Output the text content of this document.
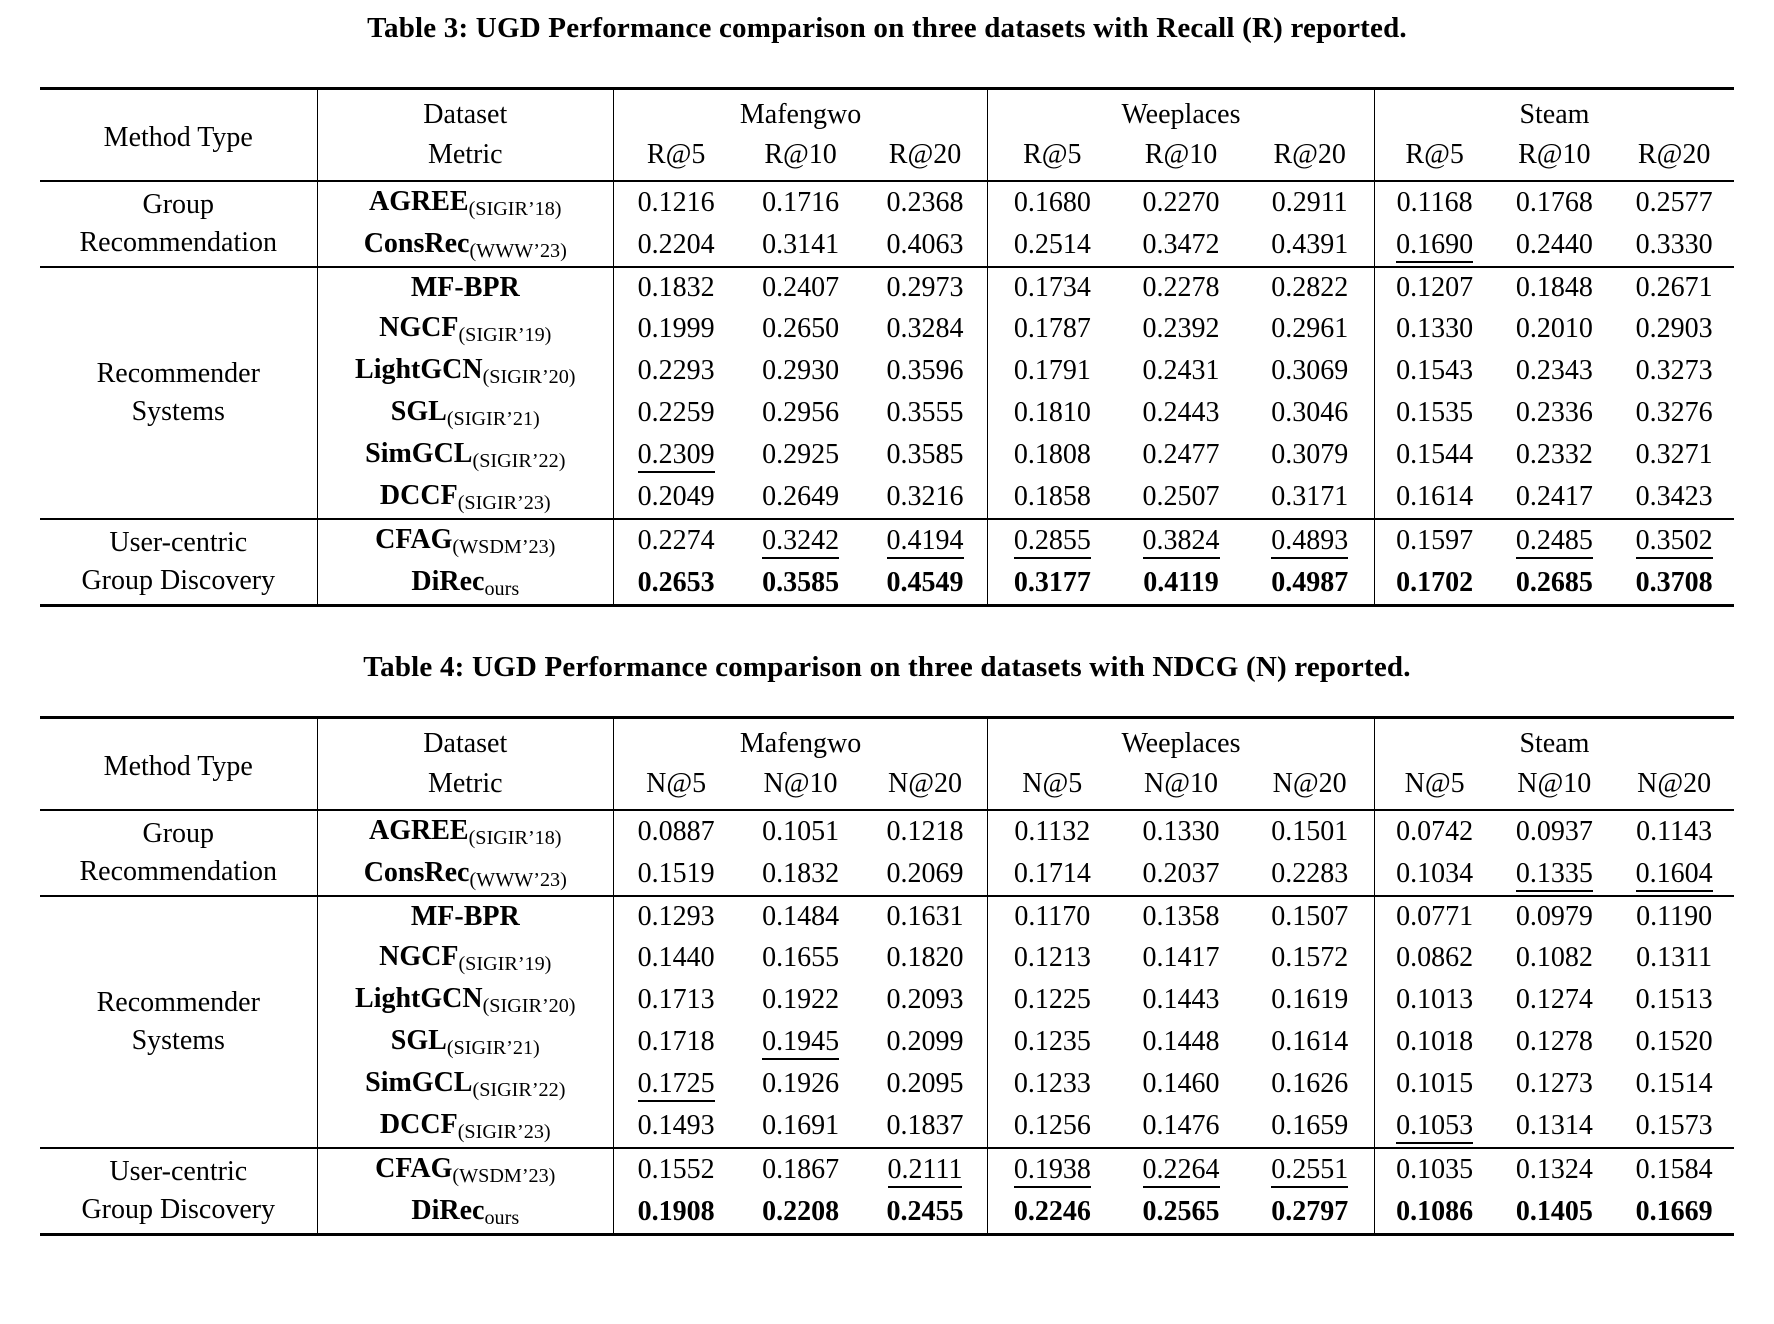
Table 3: UGD Performance comparison on three datasets with Recall (R) reported.
Method Type	Dataset	Mafengwo			Weeplaces			Steam		
	Metric	R@5	R@10	R@20	R@5	R@10	R@20	R@5	R@10	R@20

Group
Recommendation	AGREE(SIGIR’18)	0.1216	0.1716	0.2368	0.1680	0.2270	0.2911	0.1168	0.1768	0.2577
	ConsRec(WWW’23)	0.2204	0.3141	0.4063	0.2514	0.3472	0.4391	0.1690	0.2440	0.3330

Recommender
Systems	MF-BPR	0.1832	0.2407	0.2973	0.1734	0.2278	0.2822	0.1207	0.1848	0.2671
	NGCF(SIGIR’19)	0.1999	0.2650	0.3284	0.1787	0.2392	0.2961	0.1330	0.2010	0.2903
	LightGCN(SIGIR’20)	0.2293	0.2930	0.3596	0.1791	0.2431	0.3069	0.1543	0.2343	0.3273
	SGL(SIGIR’21)	0.2259	0.2956	0.3555	0.1810	0.2443	0.3046	0.1535	0.2336	0.3276
	SimGCL(SIGIR’22)	0.2309	0.2925	0.3585	0.1808	0.2477	0.3079	0.1544	0.2332	0.3271
	DCCF(SIGIR’23)	0.2049	0.2649	0.3216	0.1858	0.2507	0.3171	0.1614	0.2417	0.3423

User-centric
Group Discovery	CFAG(WSDM’23)	0.2274	0.3242	0.4194	0.2855	0.3824	0.4893	0.1597	0.2485	0.3502
	DiRecours	0.2653	0.3585	0.4549	0.3177	0.4119	0.4987	0.1702	0.2685	0.3708
Table 4: UGD Performance comparison on three datasets with NDCG (N) reported.
Method Type	Dataset	Mafengwo			Weeplaces			Steam		
	Metric	N@5	N@10	N@20	N@5	N@10	N@20	N@5	N@10	N@20

Group
Recommendation	AGREE(SIGIR’18)	0.0887	0.1051	0.1218	0.1132	0.1330	0.1501	0.0742	0.0937	0.1143
	ConsRec(WWW’23)	0.1519	0.1832	0.2069	0.1714	0.2037	0.2283	0.1034	0.1335	0.1604

Recommender
Systems	MF-BPR	0.1293	0.1484	0.1631	0.1170	0.1358	0.1507	0.0771	0.0979	0.1190
	NGCF(SIGIR’19)	0.1440	0.1655	0.1820	0.1213	0.1417	0.1572	0.0862	0.1082	0.1311
	LightGCN(SIGIR’20)	0.1713	0.1922	0.2093	0.1225	0.1443	0.1619	0.1013	0.1274	0.1513
	SGL(SIGIR’21)	0.1718	0.1945	0.2099	0.1235	0.1448	0.1614	0.1018	0.1278	0.1520
	SimGCL(SIGIR’22)	0.1725	0.1926	0.2095	0.1233	0.1460	0.1626	0.1015	0.1273	0.1514
	DCCF(SIGIR’23)	0.1493	0.1691	0.1837	0.1256	0.1476	0.1659	0.1053	0.1314	0.1573

User-centric
Group Discovery	CFAG(WSDM’23)	0.1552	0.1867	0.2111	0.1938	0.2264	0.2551	0.1035	0.1324	0.1584
	DiRecours	0.1908	0.2208	0.2455	0.2246	0.2565	0.2797	0.1086	0.1405	0.1669
